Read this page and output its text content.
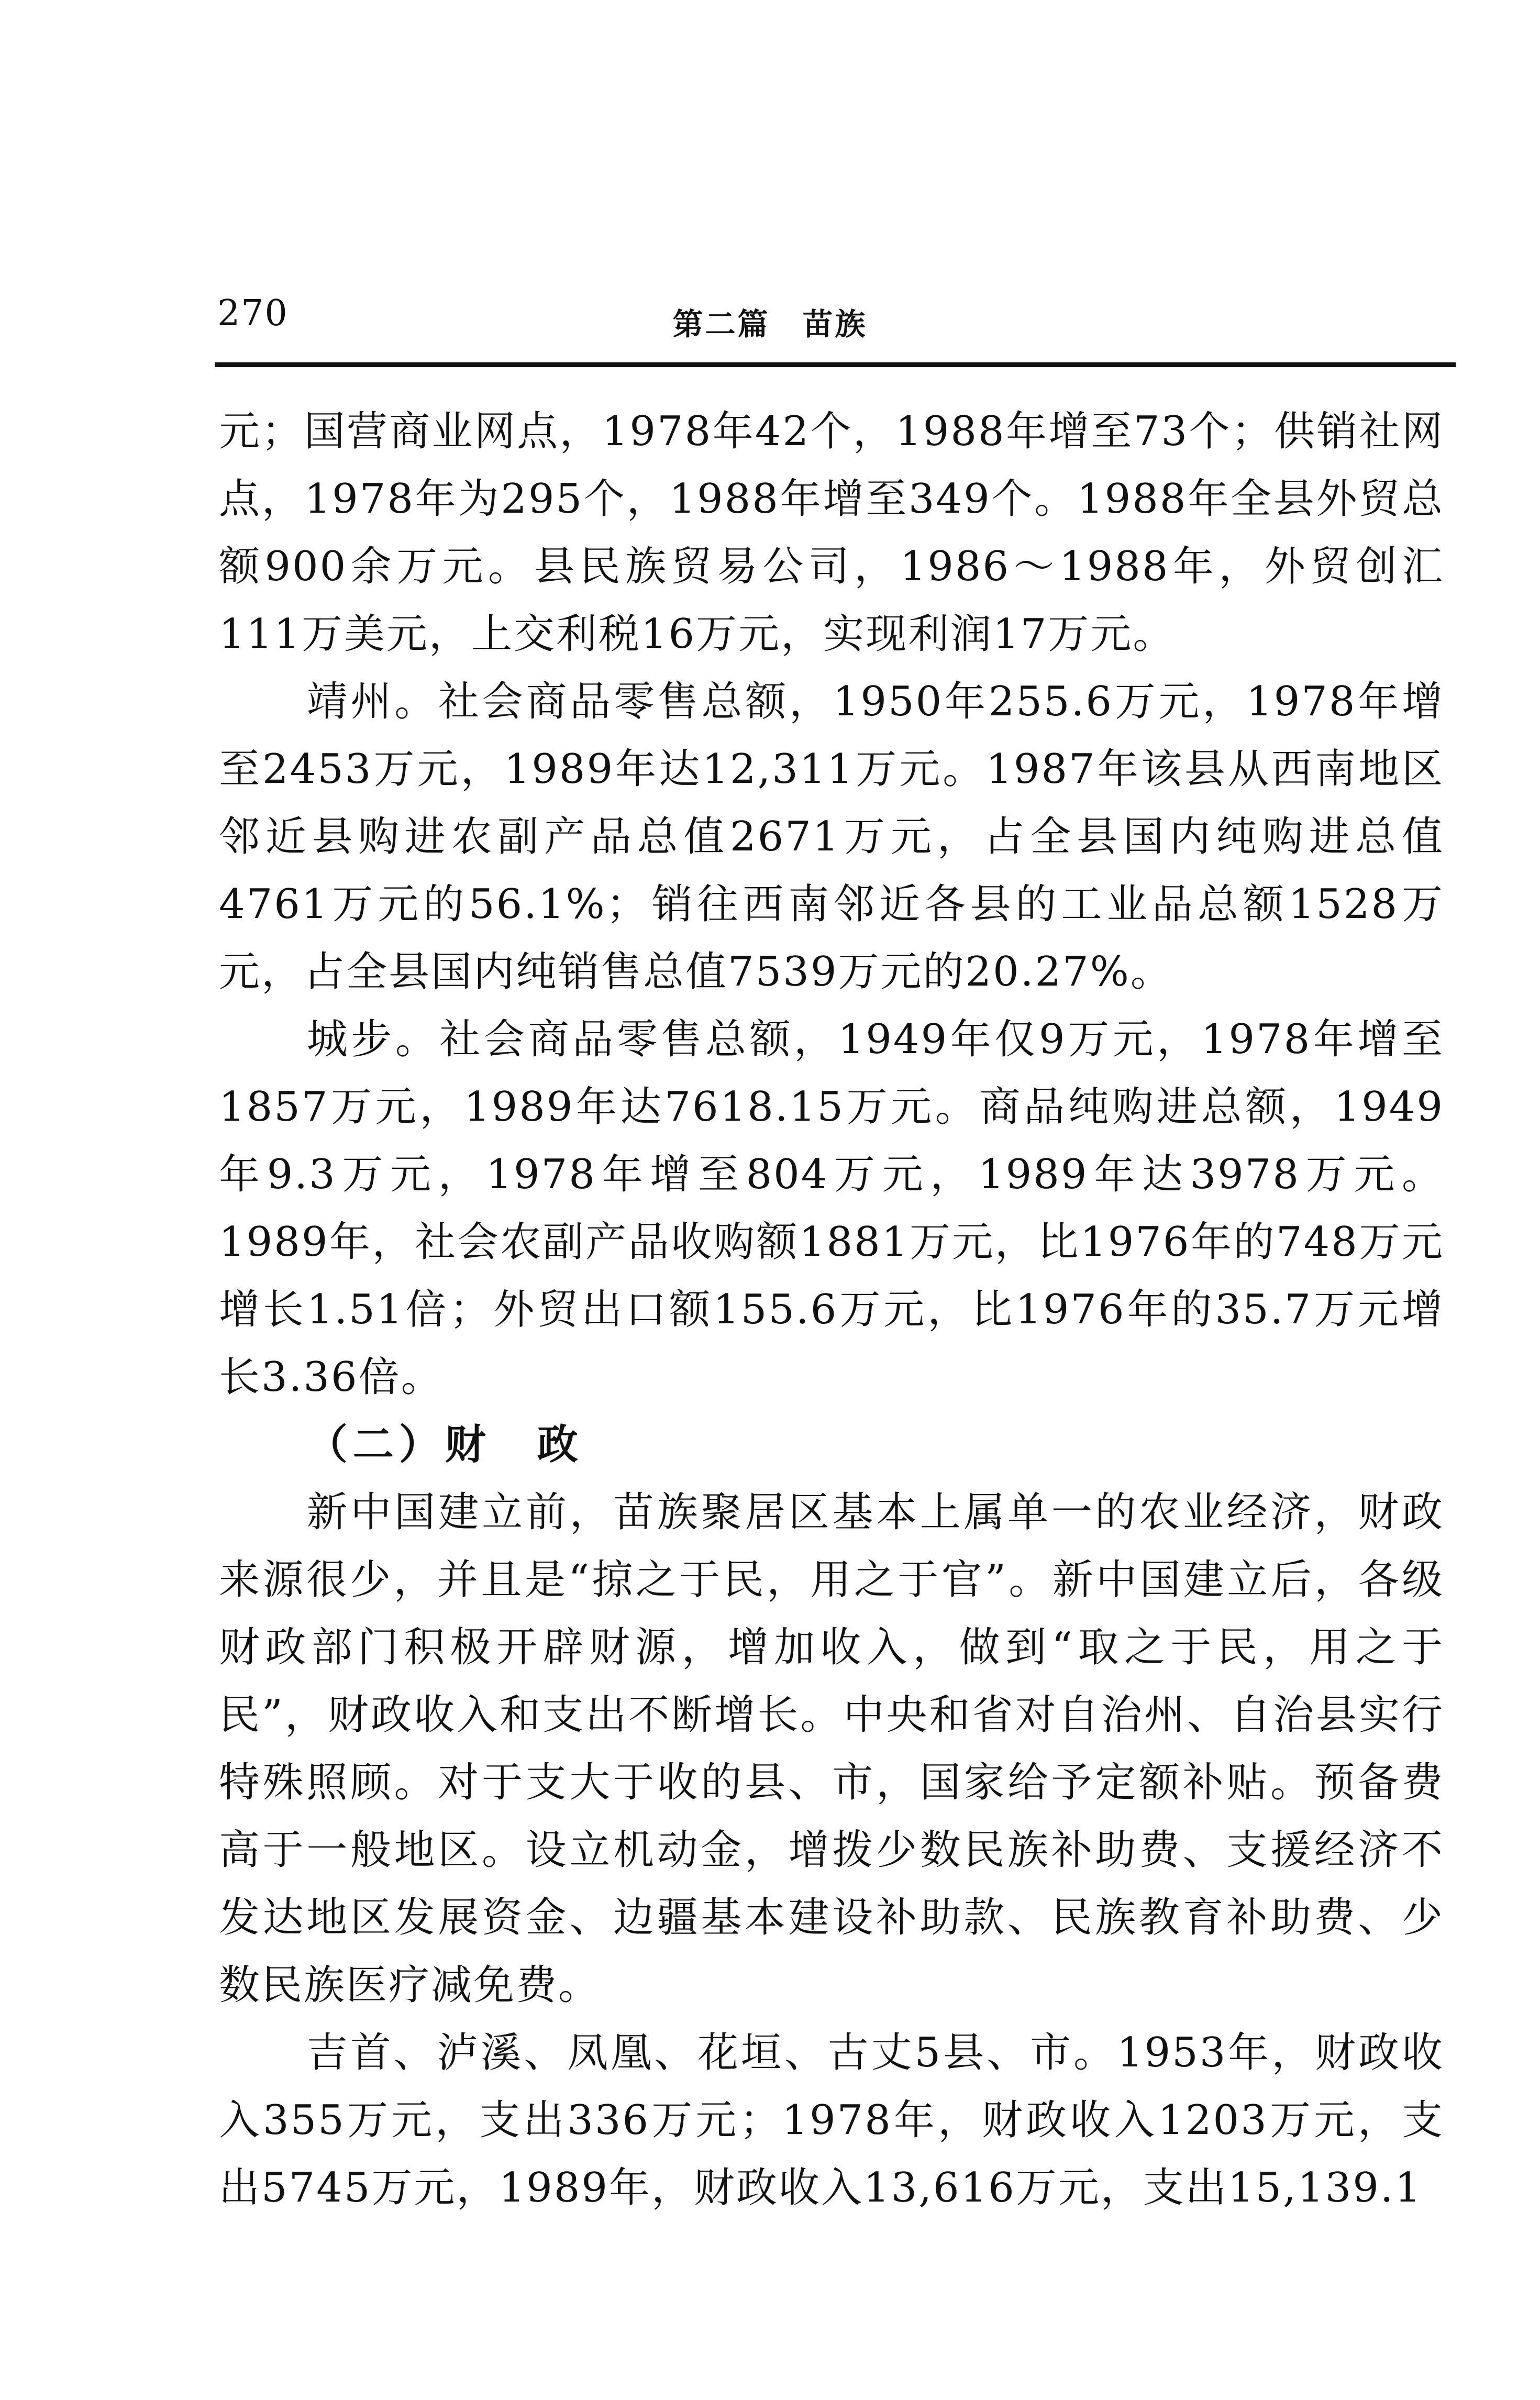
270	第二篇　苗族

元；国营商业网点，1978年42个，1988年增至73个；供销社网点，1978年为295个，1988年增至349个。1988年全县外贸总额900余万元。县民族贸易公司，1986～1988年，外贸创汇111万美元，上交利税16万元，实现利润17万元。

靖州。社会商品零售总额，1950年255.6万元，1978年增至2453万元，1989年达12,311万元。1987年该县从西南地区邻近县购进农副产品总值2671万元，占全县国内纯购进总值4761万元的56.1%；销往西南邻近各县的工业品总额1528万元，占全县国内纯销售总值7539万元的20.27%。

城步。社会商品零售总额，1949年仅9万元，1978年增至1857万元，1989年达7618.15万元。商品纯购进总额，1949年9.3万元，1978年增至804万元，1989年达3978万元。1989年，社会农副产品收购额1881万元，比1976年的748万元增长1.51倍；外贸出口额155.6万元，比1976年的35.7万元增长3.36倍。

（二）财　政

新中国建立前，苗族聚居区基本上属单一的农业经济，财政来源很少，并且是“掠之于民，用之于官”。新中国建立后，各级财政部门积极开辟财源，增加收入，做到“取之于民，用之于民”，财政收入和支出不断增长。中央和省对自治州、自治县实行特殊照顾。对于支大于收的县、市，国家给予定额补贴。预备费高于一般地区。设立机动金，增拨少数民族补助费、支援经济不发达地区发展资金、边疆基本建设补助款、民族教育补助费、少数民族医疗减免费。

吉首、泸溪、凤凰、花垣、古丈5县、市。1953年，财政收入355万元，支出336万元；1978年，财政收入1203万元，支出5745万元，1989年，财政收入13,616万元，支出15,139.1
